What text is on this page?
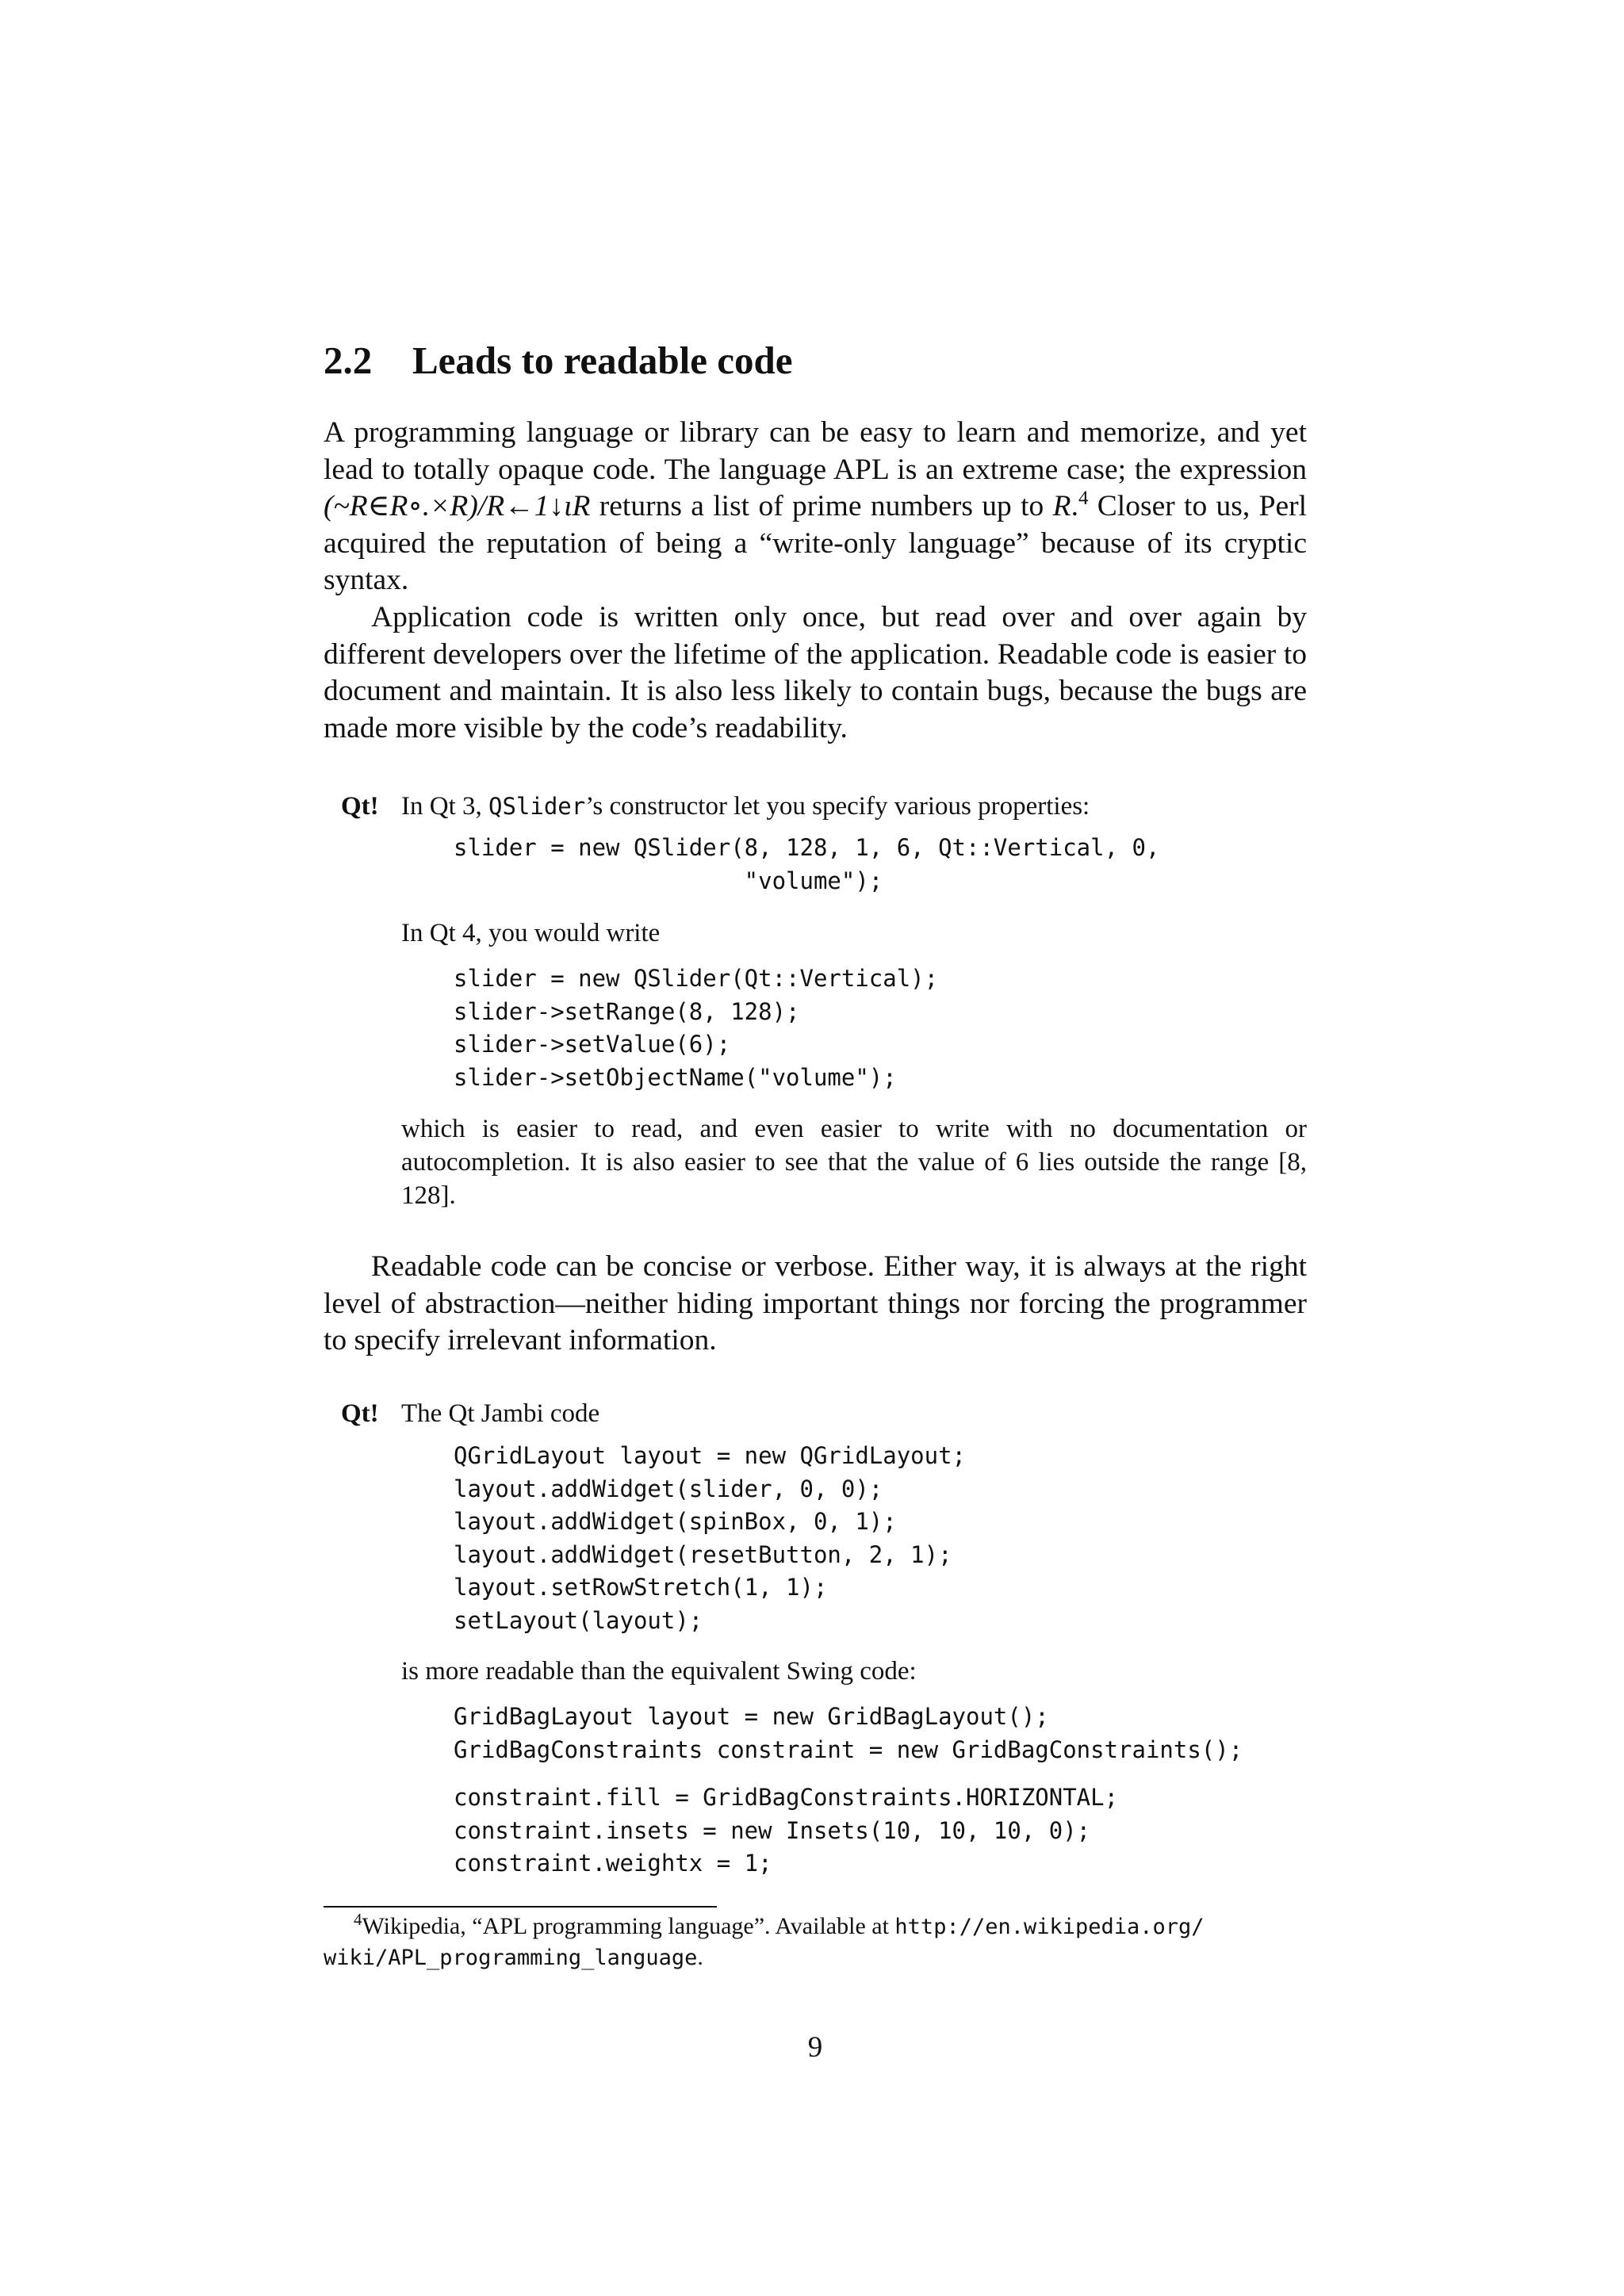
2.2 Leads to readable code

A programming language or library can be easy to learn and memorize, and yet lead to totally opaque code. The language APL is an extreme case; the expression (~R∈R∘.×R)/R←1↓ιR returns a list of prime numbers up to R.$^4$ Closer to us, Perl acquired the reputation of being a “write-only language” because of its cryptic syntax.

Application code is written only once, but read over and over again by different developers over the lifetime of the application. Readable code is easier to document and maintain. It is also less likely to contain bugs, because the bugs are made more visible by the code’s readability.

Qt! In Qt 3, QSlider’s constructor let you specify various properties:

slider = new QSlider(8, 128, 1, 6, Qt::Vertical, 0,
"volume");

In Qt 4, you would write

slider = new QSlider(Qt::Vertical);
slider->setRange(8, 128);
slider->setValue(6);
slider->setObjectName("volume");

which is easier to read, and even easier to write with no documentation or autocompletion. It is also easier to see that the value of 6 lies outside the range [8, 128].

Readable code can be concise or verbose. Either way, it is always at the right level of abstraction—neither hiding important things nor forcing the programmer to specify irrelevant information.

Qt! The Qt Jambi code

QGridLayout layout = new QGridLayout;
layout.addWidget(slider, 0, 0);
layout.addWidget(spinBox, 0, 1);
layout.addWidget(resetButton, 2, 1);
layout.setRowStretch(1, 1);
setLayout(layout);

is more readable than the equivalent Swing code:

GridBagLayout layout = new GridBagLayout();
GridBagConstraints constraint = new GridBagConstraints();
constraint.fill = GridBagConstraints.HORIZONTAL;
constraint.insets = new Insets(10, 10, 10, 0);
constraint.weightx = 1;

$^4$Wikipedia, “APL programming language”. Available at http://en.wikipedia.org/
wiki/APL_programming_language.

9
